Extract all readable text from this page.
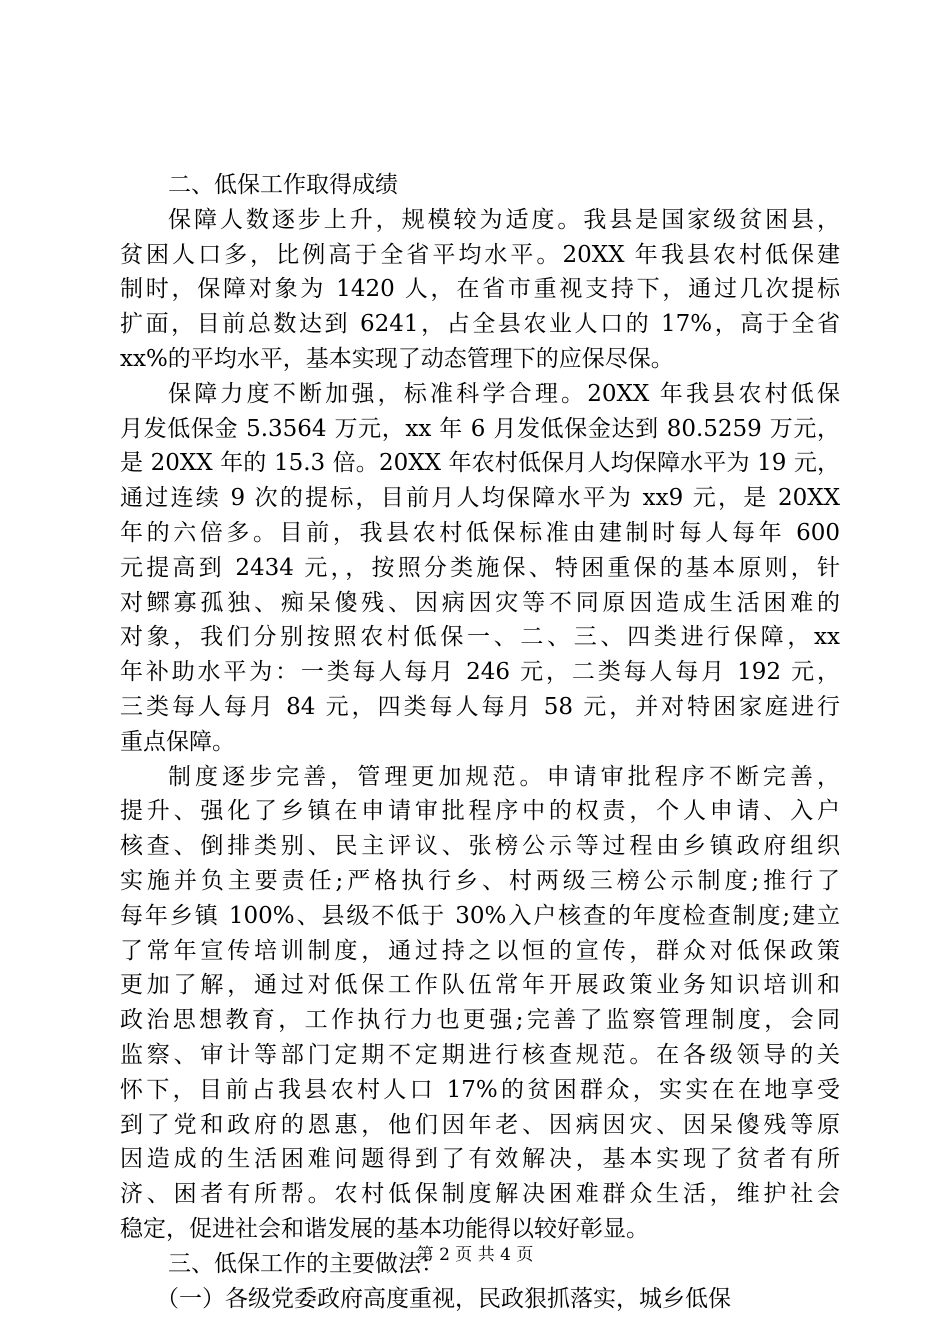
二、低保工作取得成绩
保障人数逐步上升，规模较为适度。我县是国家级贫困县，
贫困人口多，比例高于全省平均水平。20XX 年我县农村低保建
制时，保障对象为 1420 人，在省市重视支持下，通过几次提标
扩面，目前总数达到 6241，占全县农业人口的 17%，高于全省
xx%的平均水平，基本实现了动态管理下的应保尽保。
保障力度不断加强，标准科学合理。20XX 年我县农村低保
月发低保金 5.3564 万元，xx 年 6 月发低保金达到 80.5259 万元，
是 20XX 年的 15.3 倍。20XX 年农村低保月人均保障水平为 19 元，
通过连续 9 次的提标，目前月人均保障水平为 xx9 元，是 20XX
年的六倍多。目前，我县农村低保标准由建制时每人每年 600
元提高到 2434 元，，按照分类施保、特困重保的基本原则，针
对鳏寡孤独、痴呆傻残、因病因灾等不同原因造成生活困难的
对象，我们分别按照农村低保一、二、三、四类进行保障，xx
年补助水平为：一类每人每月 246 元，二类每人每月 192 元，
三类每人每月 84 元，四类每人每月 58 元，并对特困家庭进行
重点保障。
制度逐步完善，管理更加规范。申请审批程序不断完善，
提升、强化了乡镇在申请审批程序中的权责，个人申请、入户
核查、倒排类别、民主评议、张榜公示等过程由乡镇政府组织
实施并负主要责任;严格执行乡、村两级三榜公示制度;推行了
每年乡镇 100%、县级不低于 30%入户核查的年度检查制度;建立
了常年宣传培训制度，通过持之以恒的宣传，群众对低保政策
更加了解，通过对低保工作队伍常年开展政策业务知识培训和
政治思想教育，工作执行力也更强;完善了监察管理制度，会同
监察、审计等部门定期不定期进行核查规范。在各级领导的关
怀下，目前占我县农村人口 17%的贫困群众，实实在在地享受
到了党和政府的恩惠，他们因年老、因病因灾、因呆傻残等原
因造成的生活困难问题得到了有效解决，基本实现了贫者有所
济、困者有所帮。农村低保制度解决困难群众生活，维护社会
稳定，促进社会和谐发展的基本功能得以较好彰显。
三、低保工作的主要做法：
（一）各级党委政府高度重视，民政狠抓落实，城乡低保
第 2 页 共 4 页
